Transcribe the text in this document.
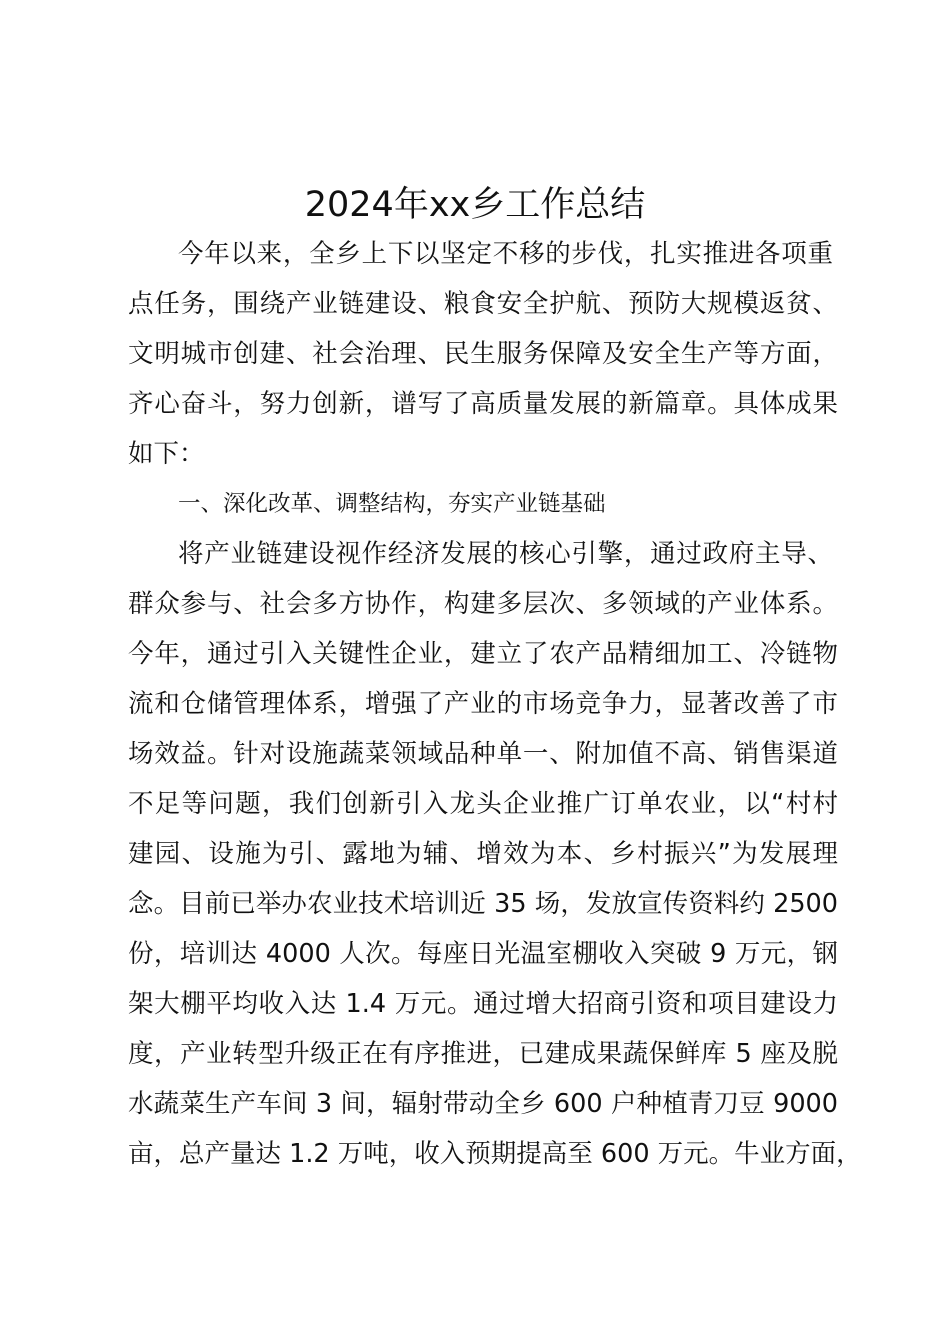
2024年xx乡工作总结

今年以来，全乡上下以坚定不移的步伐，扎实推进各项重

点任务，围绕产业链建设、粮食安全护航、预防大规模返贫、

文明城市创建、社会治理、民生服务保障及安全生产等方面，

齐心奋斗，努力创新，谱写了高质量发展的新篇章。具体成果

如下：

一、深化改革、调整结构，夯实产业链基础

将产业链建设视作经济发展的核心引擎，通过政府主导、

群众参与、社会多方协作，构建多层次、多领域的产业体系。

今年，通过引入关键性企业，建立了农产品精细加工、冷链物

流和仓储管理体系，增强了产业的市场竞争力，显著改善了市

场效益。针对设施蔬菜领域品种单一、附加值不高、销售渠道

不足等问题，我们创新引入龙头企业推广订单农业，以“村村

建园、设施为引、露地为辅、增效为本、乡村振兴”为发展理

念。目前已举办农业技术培训近 35 场，发放宣传资料约 2500

份，培训达 4000 人次。每座日光温室棚收入突破 9 万元，钢

架大棚平均收入达 1.4 万元。通过增大招商引资和项目建设力

度，产业转型升级正在有序推进，已建成果蔬保鲜库 5 座及脱

水蔬菜生产车间 3 间，辐射带动全乡 600 户种植青刀豆 9000

亩，总产量达 1.2 万吨，收入预期提高至 600 万元。牛业方面，
